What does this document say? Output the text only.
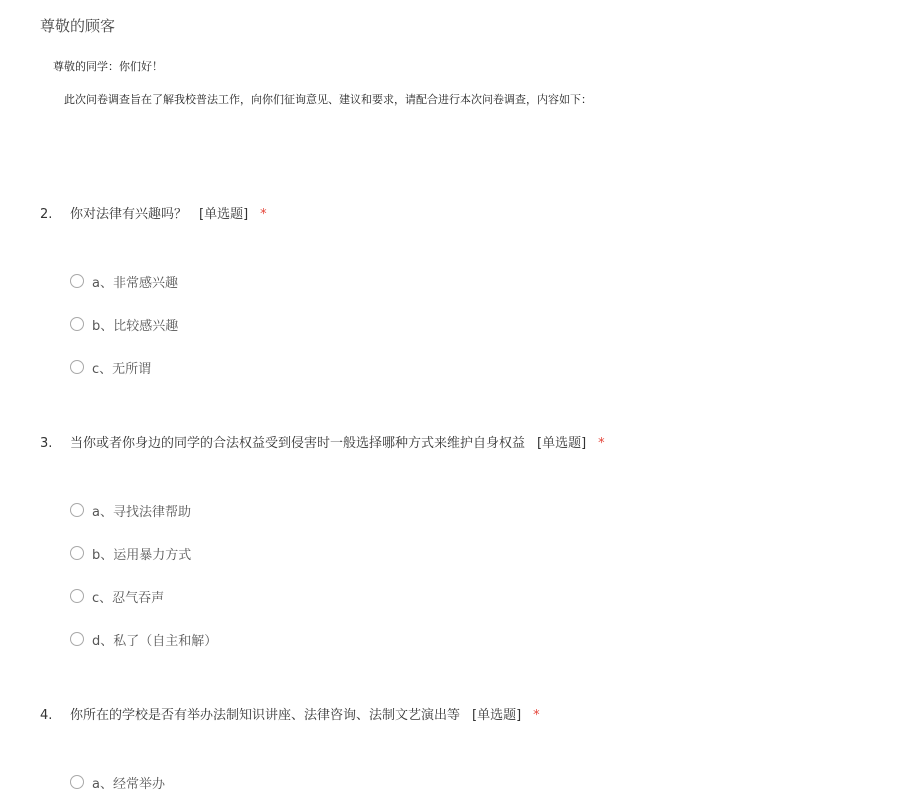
尊敬的顾客
尊敬的同学：你们好！
此次问卷调查旨在了解我校普法工作，向你们征询意见、建议和要求，请配合进行本次问卷调查，内容如下：
2. 你对法律有兴趣吗？ [单选题] *
a、非常感兴趣
b、比较感兴趣
c、无所谓
3. 当你或者你身边的同学的合法权益受到侵害时一般选择哪种方式来维护自身权益 [单选题] *
a、寻找法律帮助
b、运用暴力方式
c、忍气吞声
d、私了（自主和解）
4. 你所在的学校是否有举办法制知识讲座、法律咨询、法制文艺演出等 [单选题] *
a、经常举办
